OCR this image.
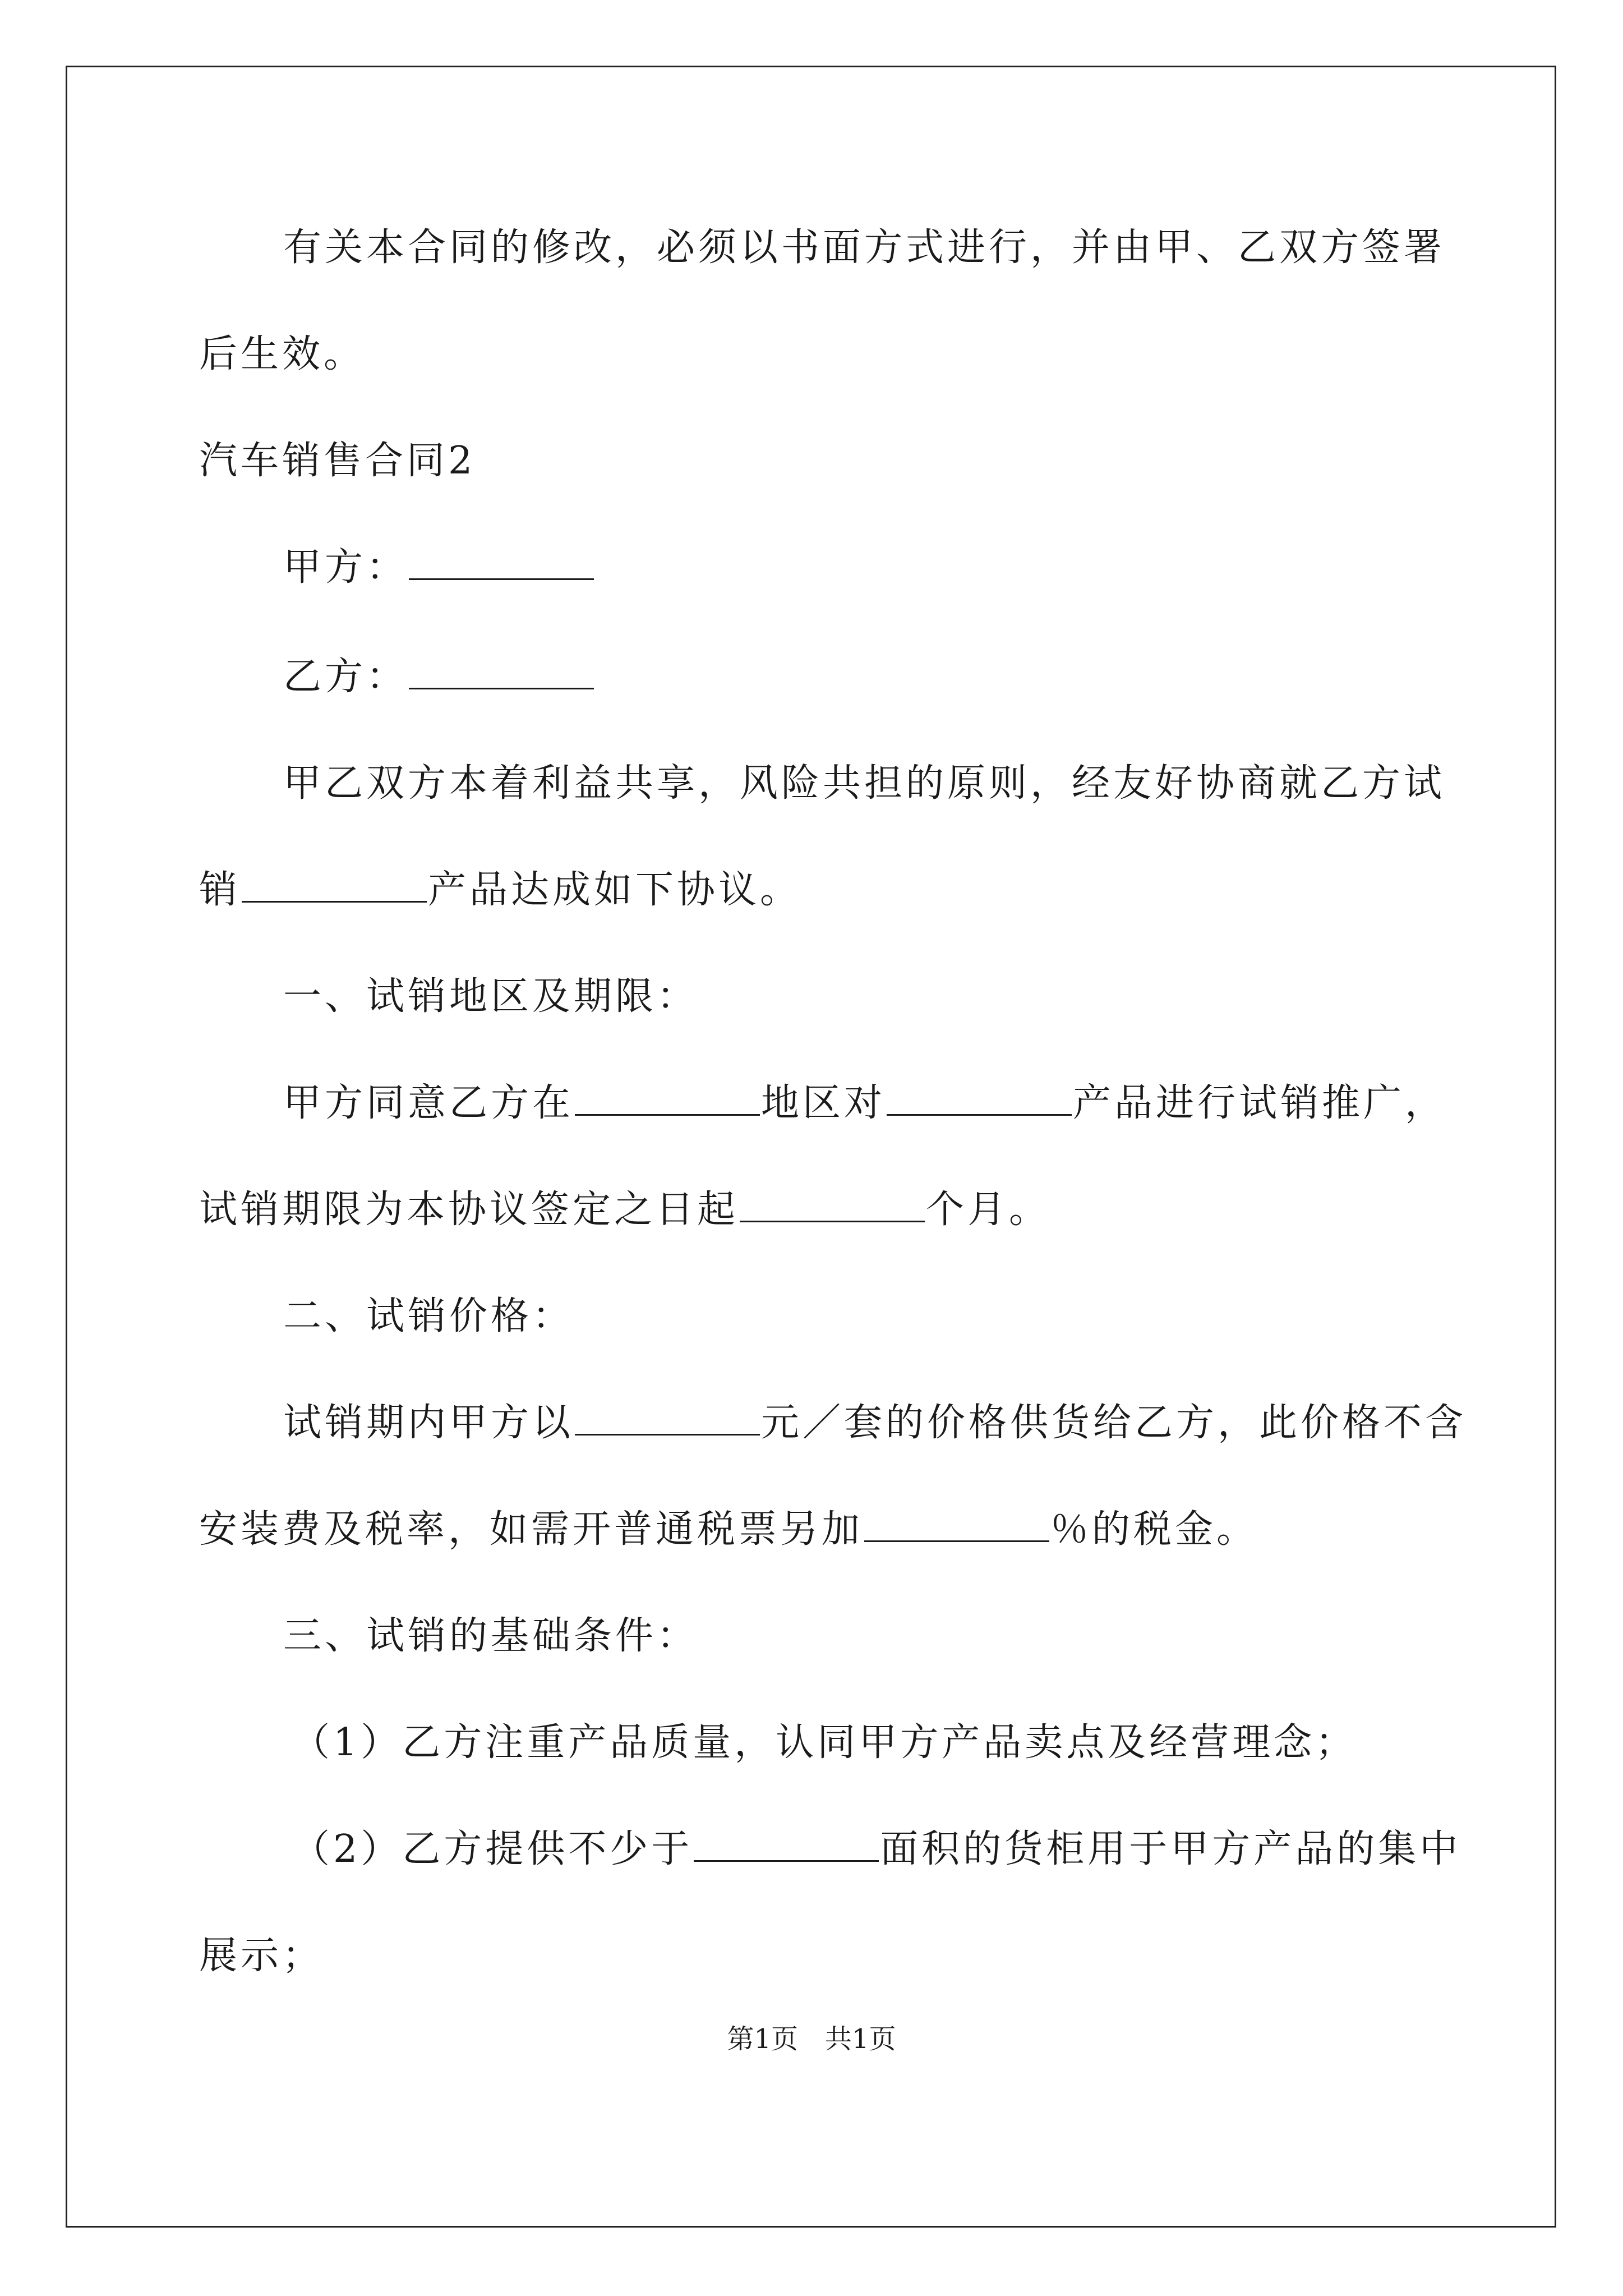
有关本合同的修改，必须以书面方式进行，并由甲、乙双方签署
后生效。
汽车销售合同2
甲方：
乙方：
甲乙双方本着利益共享，风险共担的原则，经友好协商就乙方试
销	产品达成如下协议。
一、试销地区及期限：
甲方同意乙方在	地区对	产品进行试销推广，
试销期限为本协议签定之日起	个月。
二、试销价格：
试销期内甲方以	元／套的价格供货给乙方，此价格不含
安装费及税率，如需开普通税票另加	％的税金。
三、试销的基础条件：
（1）乙方注重产品质量，认同甲方产品卖点及经营理念；
（2）乙方提供不少于	面积的货柜用于甲方产品的集中
展示；
第1页　共1页
